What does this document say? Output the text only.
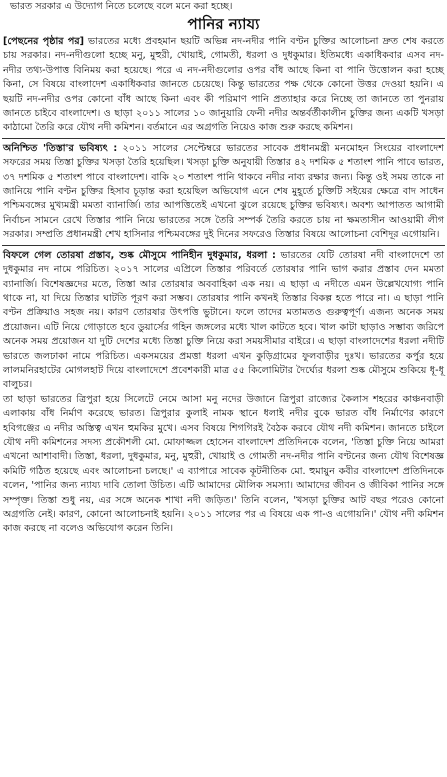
ভারত সরকার এ উদ্যোগ নিতে চলেছে বলে মনে করা হচ্ছে।
পানির ন্যায্য

[পেছনের পৃষ্ঠার পর] ভারতের মধ্যে প্রবহমান ছয়টি অভিন্ন নদ-নদীর পানি বণ্টন চুক্তির আলোচনা দ্রুত শেষ করতে চায় সরকার। নদ-নদীগুলো হচ্ছে মনু, মুহুরী, খোয়াই, গোমতী, ধরলা ও দুধকুমার। ইতিমধ্যে একাধিকবার এসব নদ-নদীর তথ্য-উপাত্ত বিনিময় করা হয়েছে। পরে এ নদ-নদীগুলোর ওপর বাঁধ আছে কিনা বা পানি উত্তোলন করা হচ্ছে কিনা, সে বিষয়ে বাংলাদেশ একাধিকবার জানতে চেয়েছে। কিন্তু ভারতের পক্ষ থেকে কোনো উত্তর দেওয়া হয়নি। এ ছয়টি নদ-নদীর ওপর কোনো বাঁধ আছে কিনা এবং কী পরিমাণ পানি প্রত্যাহার করে নিচ্ছে তা জানতে তা পুনরায় জানতে চাইবে বাংলাদেশ। ও ছাড়া ২০১১ সালের ১০ জানুয়ারি ফেনী নদীর অন্তর্বর্তীকালীন চুক্তির জন্য একটি খসড়া কাঠামো তৈরি করে যৌথ নদী কমিশন। বর্তমানে এর অগ্রগতি নিয়েও কাজ শুরু করছে কমিশন।

অনিশ্চিত 'তিস্তা'র ভবিষ্যৎ : ২০১১ সালের সেপ্টেম্বরে ভারতের সাবেক প্রধানমন্ত্রী মনমোহন সিংয়ের বাংলাদেশ সফরের সময় তিস্তা চুক্তির খসড়া তৈরি হয়েছিল। খসড়া চুক্তি অনুযায়ী তিস্তার ৪২ দশমিক ৫ শতাংশ পানি পাবে ভারত, ৩৭ দশমিক ৫ শতাংশ পাবে বাংলাদেশ। বাকি ২০ শতাংশ পানি থাকবে নদীর নাব্য রক্ষার জন্য। কিন্তু ওই সময় তাকে না জানিয়ে পানি বণ্টন চুক্তির হিসাব চূড়ান্ত করা হয়েছিল অভিযোগ এনে শেষ মুহূর্তে চুক্তিটি সইয়ের ক্ষেত্রে বাদ সাধেন পশ্চিমবঙ্গের মুখ্যমন্ত্রী মমতা ব্যানার্জি। তার আপত্তিতেই এখনো ঝুলে রয়েছে চুক্তির ভবিষ্যৎ। অবশ্য আপাতত আগামী নির্বাচন সামনে রেখে তিস্তার পানি নিয়ে ভারতের সঙ্গে তৈরি সম্পর্ক তৈরি করতে চায় না ক্ষমতাসীন আওয়ামী লীগ সরকার। সম্প্রতি প্রধানমন্ত্রী শেখ হাসিনার পশ্চিমবঙ্গের দুই দিনের সফরেও তিস্তার বিষয়ে আলোচনা বেশিদূর এগোয়নি।

বিফলে গেল তোরষা প্রস্তাব, শুষ্ক মৌসুমে পানিহীন দুধকুমার, ধরলা : ভারতের যেটি তোরষা নদী বাংলাদেশে তা দুধকুমার নদ নামে পরিচিত। ২০১৭ সালের এপ্রিলে তিস্তার পরিবর্তে তোরষার পানি ভাগ করার প্রস্তাব দেন মমতা ব্যানার্জি। বিশেষজ্ঞদের মতে, তিস্তা আর তোরষার অববাহিকা এক নয়। এ ছাড়া এ নদীতে এমন উল্লেখযোগ্য পানি থাকে না, যা দিয়ে তিস্তার ঘাটতি পূরণ করা সম্ভব। তোরষার পানি কখনই তিস্তার বিকল্প হতে পারে না। এ ছাড়া পানি বণ্টন প্রক্রিয়াও সহজ নয়। কারণ তোরষার উৎপত্তি ভুটানে। ফলে তাদের মতামতও গুরুত্বপূর্ণ। এজন্য অনেক সময় প্রয়োজন। এটি নিয়ে গোড়াতে হবে ডুয়ার্সের গহিন জঙ্গলের মধ্যে খাল কাটতে হবে। খাল কাটা ছাড়াও সম্ভাব্য জরিপে অনেক সময় প্রয়োজন যা দুটি দেশের মধ্যে তিস্তা চুক্তি নিয়ে করা সময়সীমার বাইরে। এ ছাড়া বাংলাদেশের ধরলা নদীটি ভারতে জলঢাকা নামে পরিচিত। একসময়ের প্রমত্তা ধরলা এখন কুড়িগ্রামের ফুলবাড়ীর দুঃখ। ভারতের কর্পুর হয়ে লালমনিরহাটের মোগলহাট দিয়ে বাংলাদেশে প্রবেশকারী মাত্র ৫৫ কিলোমিটার দৈর্ঘ্যের ধরলা শুষ্ক মৌসুমে শুকিয়ে ধূ-ধূ বালুচর।

তা ছাড়া ভারতের ত্রিপুরা হয়ে সিলেটে নেমে আসা মনু নদের উজানে ত্রিপুরা রাজ্যের কৈলাস শহরের কাঞ্চনবাড়ী এলাকায় বাঁধ নির্মাণ করেছে ভারত। ত্রিপুরার কুলাই নামক স্থানে ধলাই নদীর বুকে ভারত বাঁধ নির্মাণের কারণে হবিগঞ্জের এ নদীর অস্তিত্ব এখন হুমকির মুখে। এসব বিষয়ে শিগগিরই বৈঠক করবে যৌথ নদী কমিশন। জানতে চাইলে যৌথ নদী কমিশনের সদস্য প্রকৌশলী মো. মোফাজ্জল হোসেন বাংলাদেশ প্রতিদিনকে বলেন, 'তিস্তা চুক্তি নিয়ে আমরা এখনো আশাবাদী। তিস্তা, ধরলা, দুধকুমার, মনু, মুহুরী, খোয়াই ও গোমতী নদ-নদীর পানি বণ্টনের জন্য যৌথ বিশেষজ্ঞ কমিটি গঠিত হয়েছে এবং আলোচনা চলছে।' এ ব্যাপারে সাবেক কূটনীতিক মো. হুমায়ুন কবীর বাংলাদেশ প্রতিদিনকে বলেন, 'পানির জন্য ন্যায্য দাবি তোলা উচিত। এটি আমাদের মৌলিক সমস্যা। আমাদের জীবন ও জীবিকা পানির সঙ্গে সম্পৃক্ত। তিস্তা শুধু নয়, এর সঙ্গে অনেক শাখা নদী জড়িত।' তিনি বলেন, 'খসড়া চুক্তির আট বছর পরেও কোনো অগ্রগতি নেই। কারণ, কোনো আলোচনাই হয়নি। ২০১১ সালের পর এ বিষয়ে এক পা-ও এগোয়নি।' যৌথ নদী কমিশন কাজ করছে না বলেও অভিযোগ করেন তিনি।
